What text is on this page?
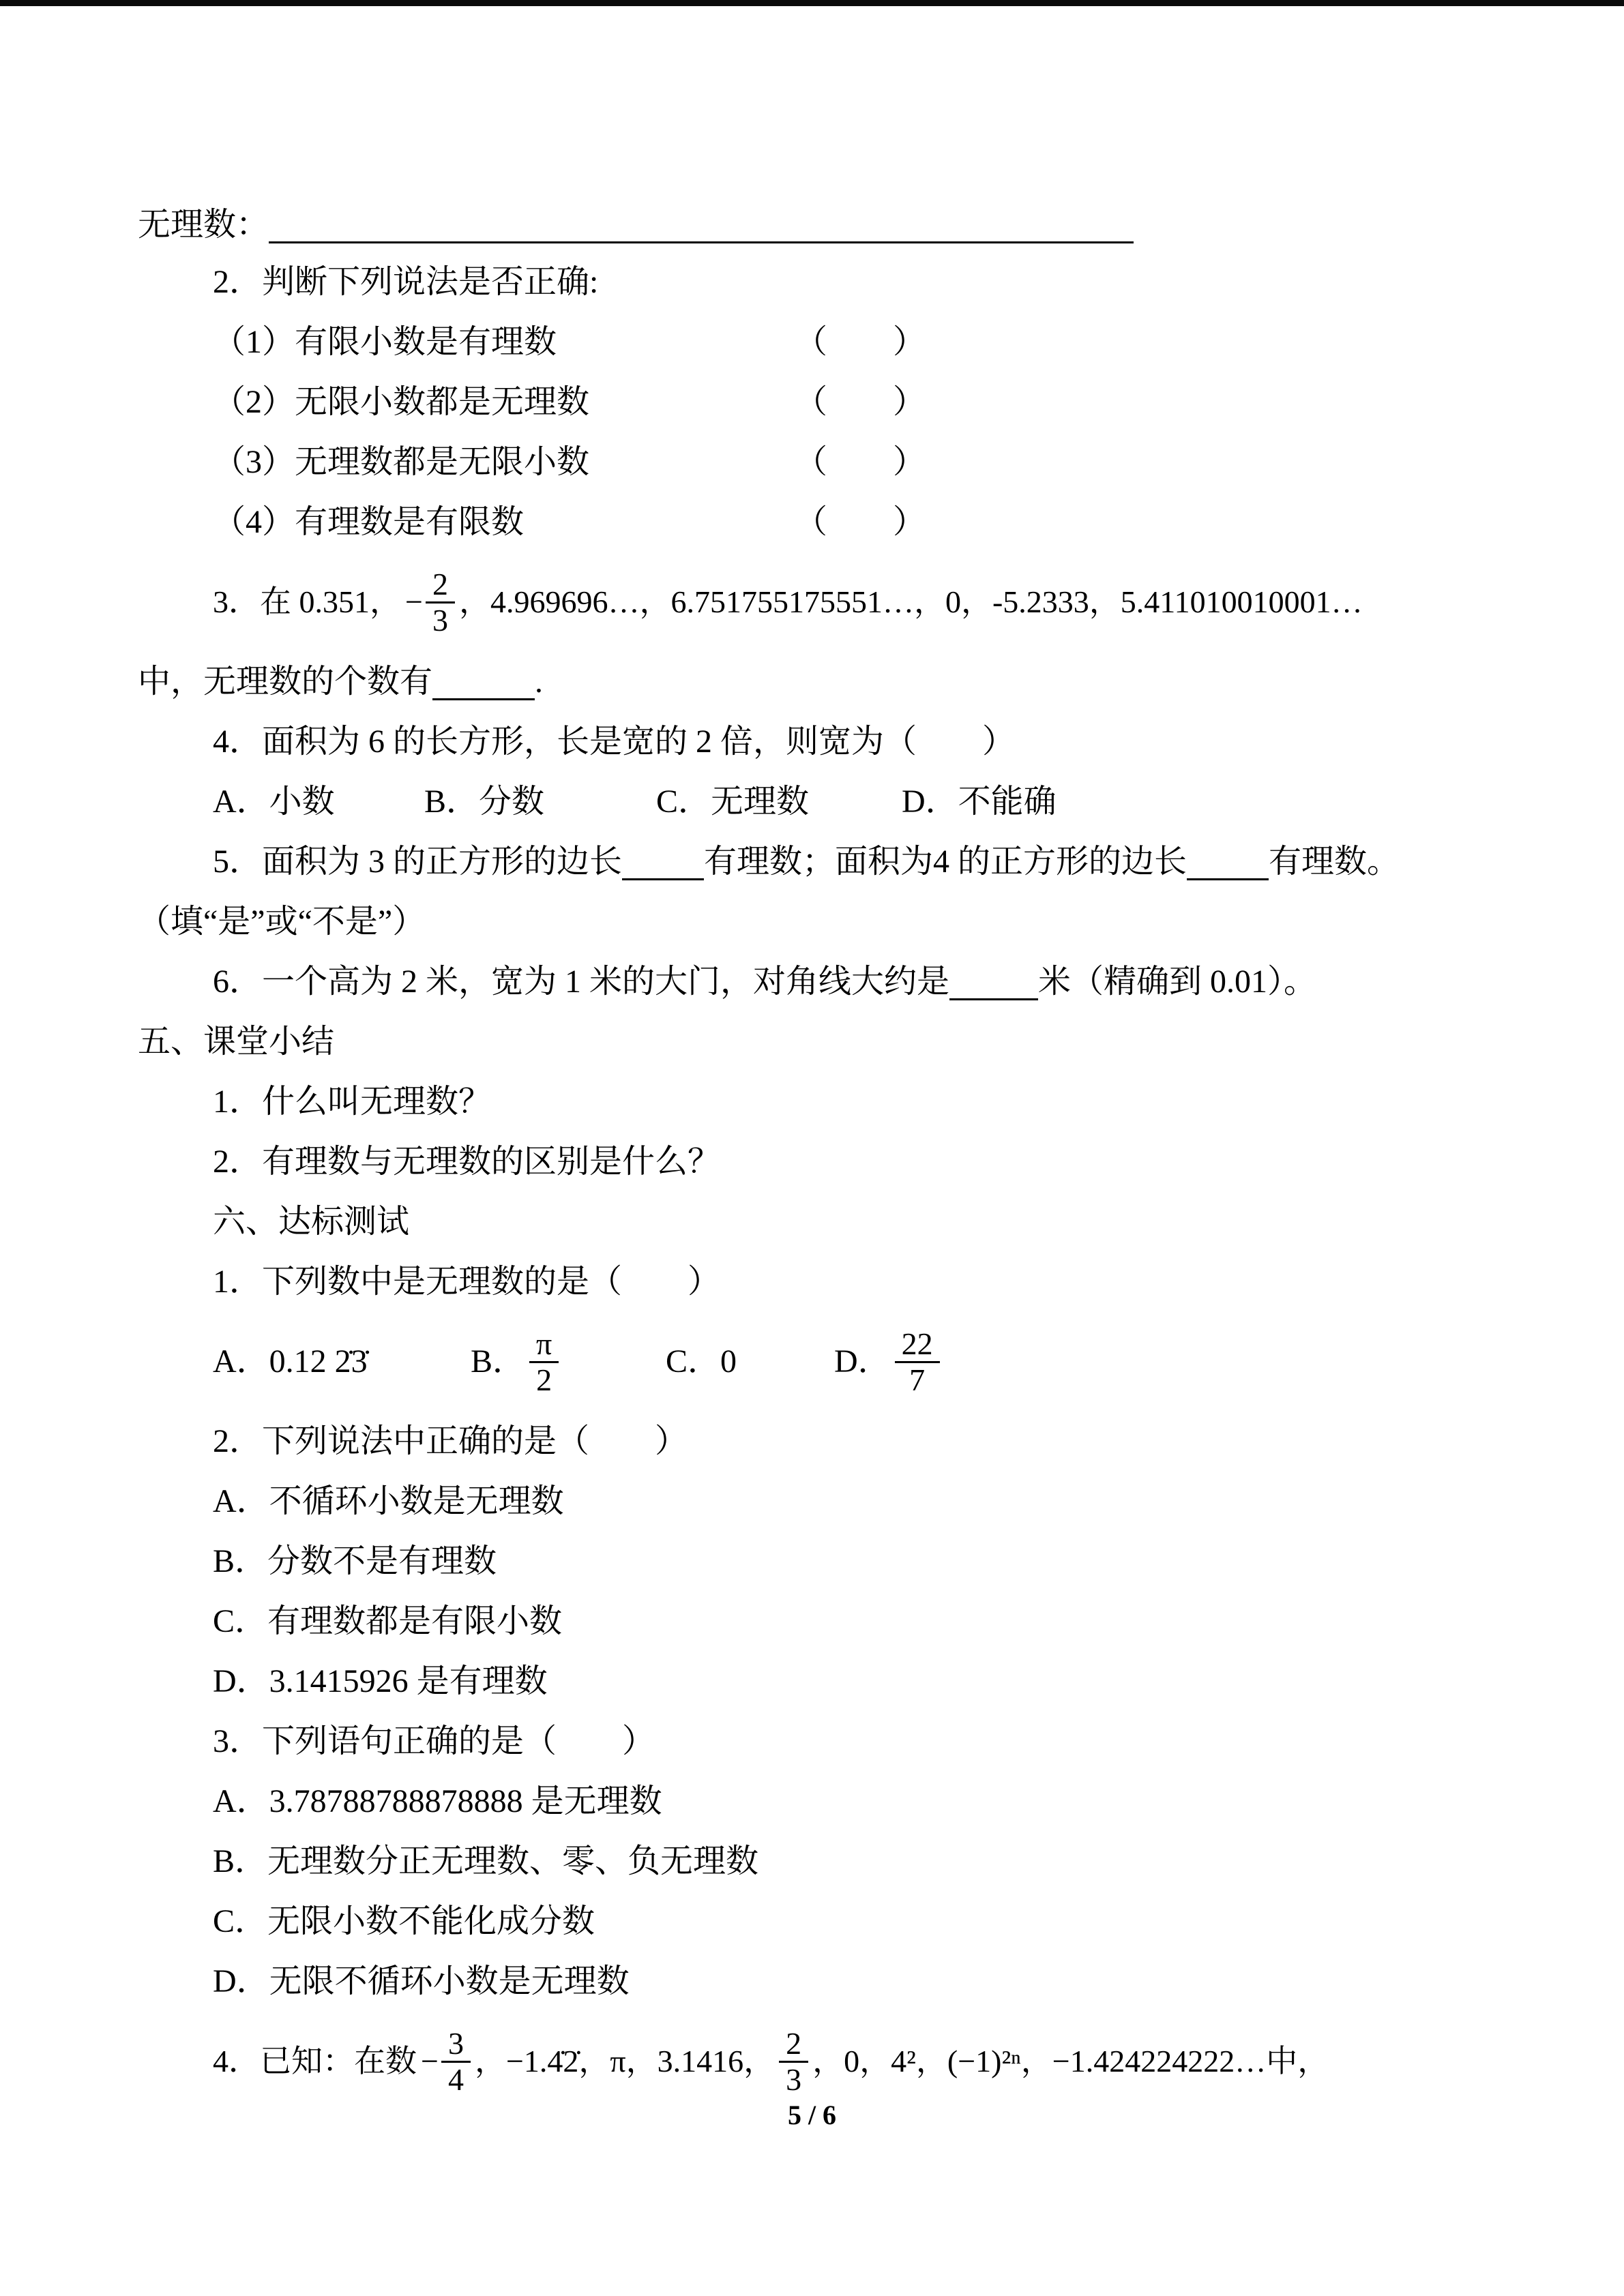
无理数：
2．判断下列说法是否正确:
（1）有限小数是有理数	（　　）
（2）无限小数都是无理数	（　　）
（3）无理数都是无限小数	（　　）
（4）有理数是有限数	（　　）
3．在 0.351， − $\frac{2}{3}$ ，4.969696…，6.751755175551…，0，-5.2333，5.411010010001…
中，无理数的个数有	.
4．面积为 6 的长方形，长是宽的 2 倍，则宽为（　　）
A．小数	B．分数	C．无理数	D．不能确
5．面积为 3 的正方形的边长	有理数；面积为4 的正方形的边长	有理数。
（填“是”或“不是”）
6．一个高为 2 米，宽为 1 米的大门，对角线大约是	米（精确到 0.01）。
五、课堂小结
1．什么叫无理数？
2．有理数与无理数的区别是什么？
六、达标测试
1．下列数中是无理数的是（　　）
A．0.12 2̇3̇	B． $\frac{\pi}{2}$	C．0	D． $\frac{22}{7}$
2．下列说法中正确的是（　　）
A．不循环小数是无理数
B．分数不是有理数
C．有理数都是有限小数
D．3.1415926 是有理数
3．下列语句正确的是（　　）
A．3.78788788878888 是无理数
B．无理数分正无理数、零、负无理数
C．无限小数不能化成分数
D．无限不循环小数是无理数
4．已知：在数 − $\frac{3}{4}$ ，−1.4̇2̇，π，3.1416， $\frac{2}{3}$ ，0，4²，(−1)²ⁿ，−1.424224222…中，
5 / 6
